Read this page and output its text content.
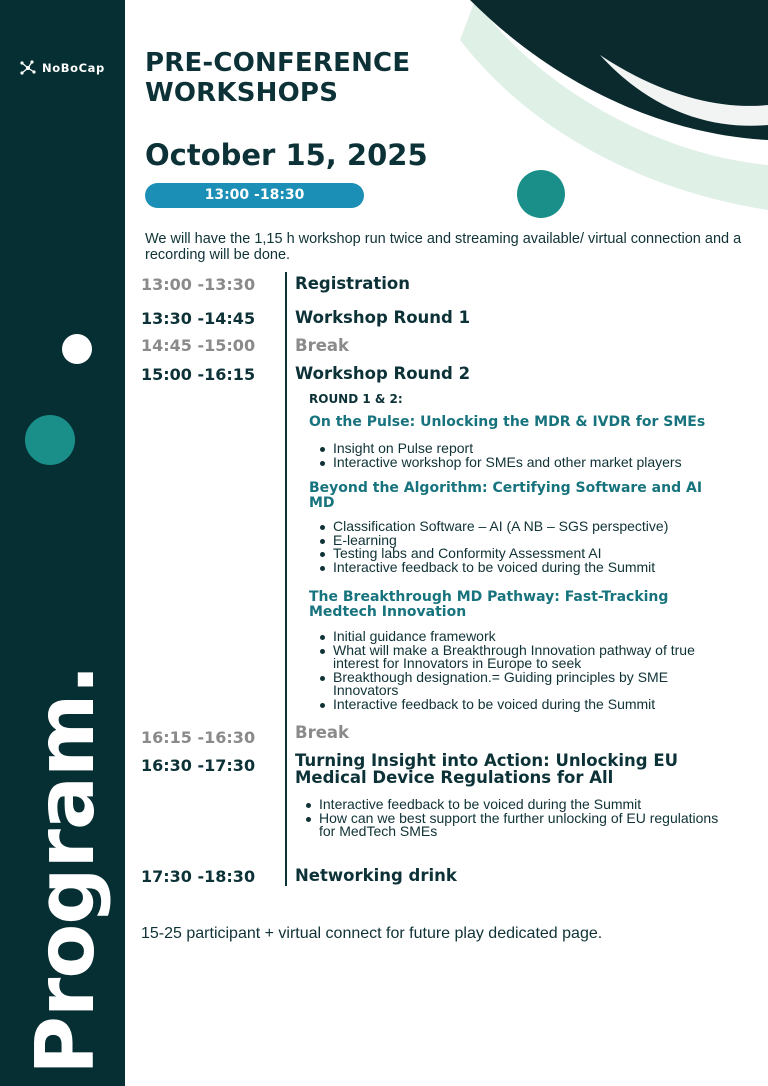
NoBoCap
Program.
PRE-CONFERENCE
WORKSHOPS
October 15, 2025
13:00 -18:30
We will have the 1,15 h workshop run twice and streaming available/ virtual connection and a recording will be done.
13:00 -13:30 Registration
13:30 -14:45 Workshop Round 1
14:45 -15:00 Break
15:00 -16:15 Workshop Round 2
ROUND 1 & 2:
On the Pulse: Unlocking the MDR & IVDR for SMEs
Insight on Pulse report
Interactive workshop for SMEs and other market players
Beyond the Algorithm: Certifying Software and AI MD
Classification Software – AI (A NB – SGS perspective)
E-learning
Testing labs and Conformity Assessment AI
Interactive feedback to be voiced during the Summit
The Breakthrough MD Pathway: Fast-Tracking Medtech Innovation
Initial guidance framework
What will make a Breakthrough Innovation pathway of true interest for Innovators in Europe to seek
Breakthough designation.= Guiding principles by SME Innovators
Interactive feedback to be voiced during the Summit
16:15 -16:30 Break
16:30 -17:30 Turning Insight into Action: Unlocking EU Medical Device Regulations for All
Interactive feedback to be voiced during the Summit
How can we best support the further unlocking of EU regulations for MedTech SMEs
17:30 -18:30 Networking drink
15-25 participant + virtual connect for future play dedicated page.
